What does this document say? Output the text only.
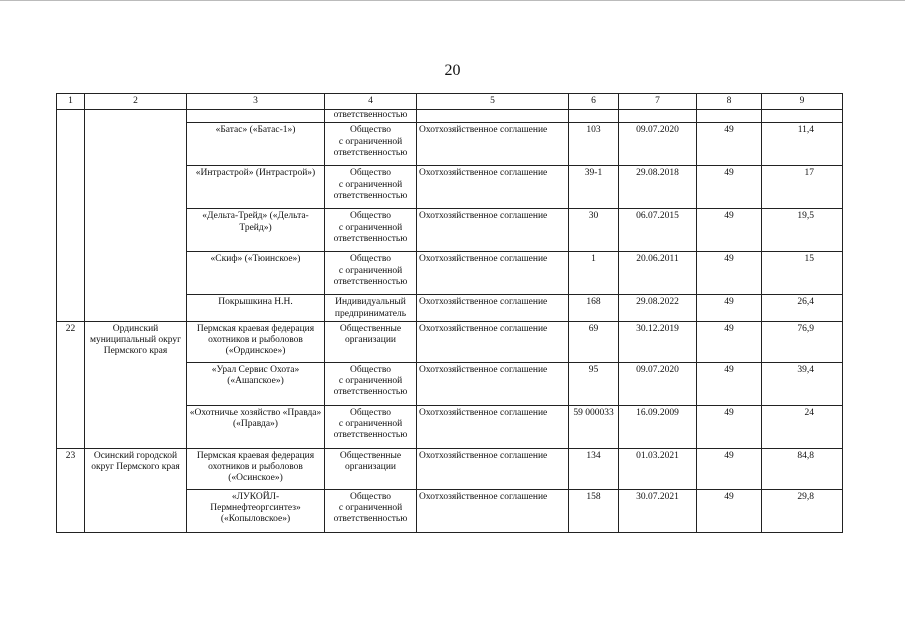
20
1	2	3	4	5	6	7	8	9
			ответственностью					
		«Батас» («Батас-1»)	Общество
с ограниченной
ответственностью	Охотхозяйственное соглашение	103	09.07.2020	49	11,4
		«Интрастрой» (Интрастрой»)	Общество
с ограниченной
ответственностью	Охотхозяйственное соглашение	39-1	29.08.2018	49	17
		«Дельта-Трейд» («Дельта-Трейд»)	Общество
с ограниченной
ответственностью	Охотхозяйственное соглашение	30	06.07.2015	49	19,5
		«Скиф» («Тюинское»)	Общество
с ограниченной
ответственностью	Охотхозяйственное соглашение	1	20.06.2011	49	15
		Покрышкина Н.Н.	Индивидуальный
предприниматель	Охотхозяйственное соглашение	168	29.08.2022	49	26,4
22	Ординский муниципальный округ Пермского края	Пермская краевая федерация охотников и рыболовов («Ординское»)	Общественные
организации	Охотхозяйственное соглашение	69	30.12.2019	49	76,9
		«Урал Сервис Охота» («Ашапское»)	Общество
с ограниченной
ответственностью	Охотхозяйственное соглашение	95	09.07.2020	49	39,4
		«Охотничье хозяйство «Правда» («Правда»)	Общество
с ограниченной
ответственностью	Охотхозяйственное соглашение	59 000033	16.09.2009	49	24
23	Осинский городской округ Пермского края	Пермская краевая федерация охотников и рыболовов («Осинское»)	Общественные
организации	Охотхозяйственное соглашение	134	01.03.2021	49	84,8
		«ЛУКОЙЛ-Пермнефтеоргсинтез» («Копыловское»)	Общество
с ограниченной
ответственностью	Охотхозяйственное соглашение	158	30.07.2021	49	29,8
